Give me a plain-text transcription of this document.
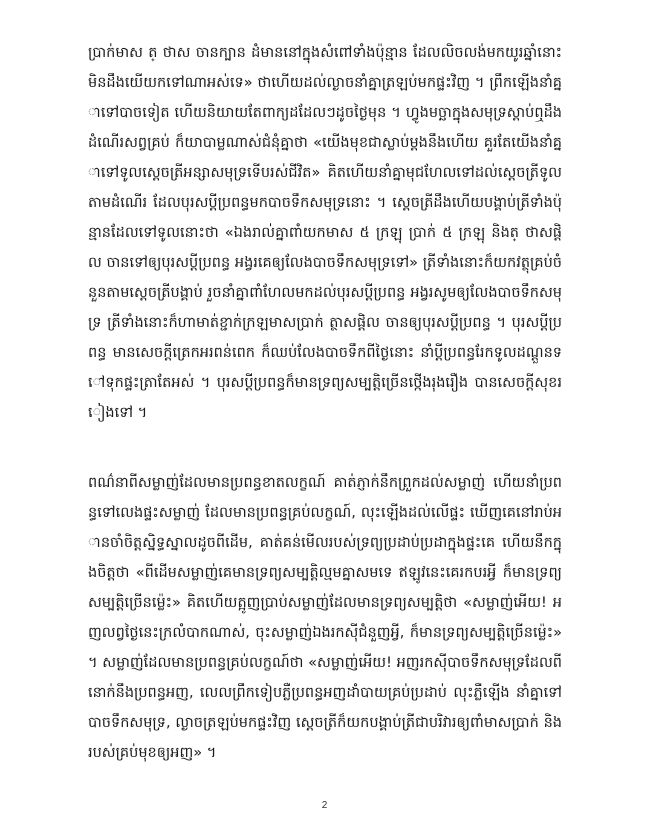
ប្រាក់មាស ត្ ថាស ចានក្បាន ដំមាននៅក្នុងសំពៅទាំងប៉ុន្មាន ដែលលិចលង់មកយូរឆ្នាំនោះ មិនដឹងយើយកទៅណាអស់ទេ» ថាហើយដល់ល្ងាចនាំគ្នាត្រឡប់មកផ្ទះវិញ ។ ព្រឹកឡើងនាំគ្នាទៅបាចទៀត ហើយនិយាយតែពាក្យដដែលៗដូចថ្ងៃមុន ។ ហ្វូងមច្ឆាក្នុងសមុទ្រស្តាប់ឮដឹងដំណើរសព្វគ្រប់ ក៏យាបាម្លណាស់ជំនុំគ្នាថា «យើងមុខជាស្លាប់ម្តងនឹងហើយ គួរតែយើងនាំគ្នាទៅទូលស្តេចត្រីអន្សាសមុទ្រទើបរស់ជីវិត» គិតហើយនាំគ្នាមុជហែលទៅដល់ស្តេចត្រីទូលតាមដំណើរ ដែលបុរសប្តីប្រពន្ធមកបាចទឹកសមុទ្រនោះ ។ ស្តេចត្រីដឹងហើយបង្គាប់ត្រីទាំងប៉ុន្មានដែលទៅទូលនោះថា «ឯងរាល់គ្នាពាំយកមាស ៥ ក្រឡុ ប្រាក់ ៥ ក្រឡុ និងត្ ថាសផ្តិល ចានទៅឲ្យបុរសប្តីប្រពន្ធ អង្វរគេឲ្យលែងបាចទឹកសមុទ្រទៅ» ត្រីទាំងនោះក៏យកវត្ថុគ្រប់ចំនួនតាមស្តេចត្រីបង្គាប់ រួចនាំគ្នាពាំហែលមកដល់បុរសប្តីប្រពន្ធ អង្វរសូមឲ្យលែងបាចទឹកសមុទ្រ ត្រីទាំងនោះក៏ហាមាត់ខ្ជាក់ក្រឡមាសប្រាក់ ត្ថាសផ្តិល ចានឲ្យបុរសប្តីប្រពន្ធ ។ បុរសប្តីប្រពន្ធ មានសេចក្តីត្រេកអរពន់ពេក ក៏ឈប់លែងបាចទឹកពីថ្ងៃនោះ នាំប្តីប្រពន្ធរែកទូលដណ្តួនទៅទុកផ្ទះត្រាតែអស់ ។ បុរសប្តីប្រពន្ធក៏មានទ្រព្យសម្បត្តិច្រើនថ្កើងរុងរឿង បានសេចក្តីសុខរៀងទៅ ។

ពណ៌នាពីសម្លាញ់ដែលមានប្រពន្ធខាតលក្ខណ៍ គាត់ភ្ញាក់នឹកព្រួកដល់សម្លាញ់ ហើយនាំប្រពន្ធទៅលេងផ្ទះសម្លាញ់ ដែលមានប្រពន្ធគ្រប់លក្ខណ៍, លុះឡើងដល់លើផ្ទះ ឃើញគេនៅរាប់អានចាំចិត្តស្និទ្ធស្នាលដូចពីដើម, គាត់គន់មើលរបស់ទ្រព្យប្រដាប់ប្រដាក្នុងផ្ទះគេ ហើយនឹកក្នុងចិត្តថា «ពីដើមសម្លាញ់គេមានទ្រព្យសម្បត្តិល្មមគ្នាសមទេ ឥឡូវនេះគេរកបរអ្វី ក៏មានទ្រព្យសម្បត្តិច្រើនម៉្លេះ» គិតហើយត្អូញប្រាប់សម្លាញ់ដែលមានទ្រព្យសម្បត្តិថា «សម្លាញ់អើយ! អញលព្វថ្ងៃនេះក្រលំបាកណាស់, ចុះសម្លាញ់ឯងរកស៊ីជំនួញអ្វី, ក៏មានទ្រព្យសម្បត្តិច្រើនម៉្លេះ» ។ សម្លាញ់ដែលមានប្រពន្ធគ្រប់លក្ខណ៍ថា «សម្លាញ់អើយ! អញរកស៊ីបាចទឹកសមុទ្រដែលពីនោក់នឹងប្រពន្ធអញ, លេលព្រឹកទៀបភ្លឺប្រពន្ធអញដាំបាយគ្រប់ប្រដាប់ លុះភ្លឺឡើង នាំគ្នាទៅបាចទឹកសមុទ្រ, ល្ងាចត្រឡប់មកផ្ទះវិញ ស្តេចត្រីក៏យកបង្គាប់ត្រីជាបរិវារឲ្យពាំមាសប្រាក់ និងរបស់គ្រប់មុខឲ្យអញ» ។

2
